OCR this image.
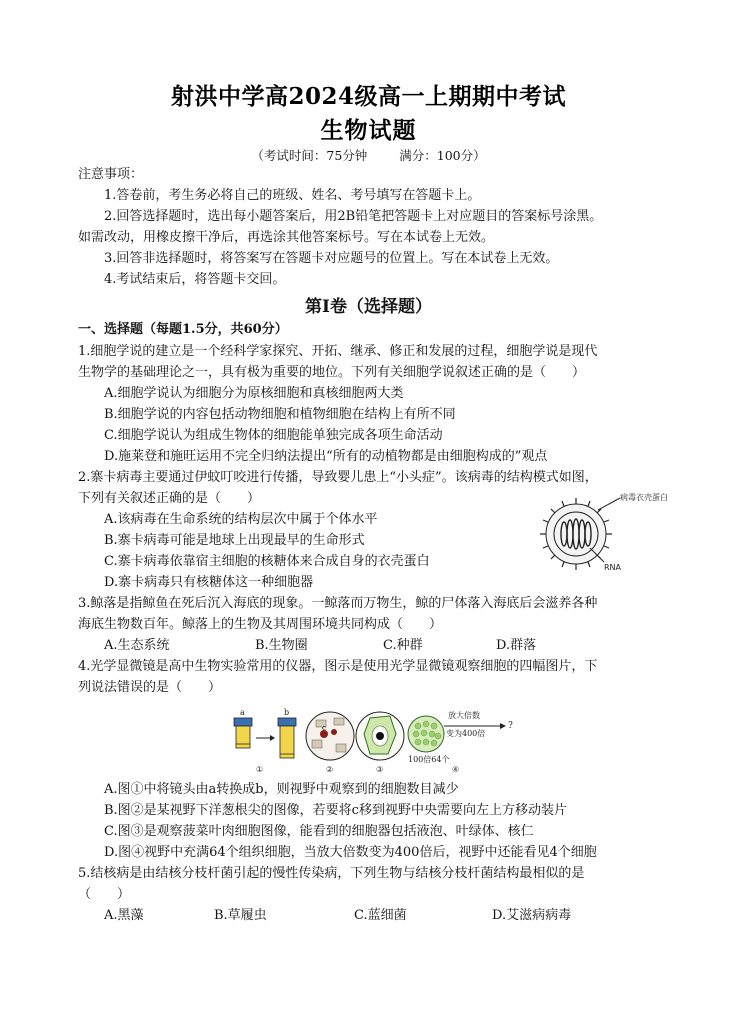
射洪中学高2024级高一上期期中考试
生物试题
（考试时间：75分钟	满分：100分）
注意事项：
1.答卷前，考生务必将自己的班级、姓名、考号填写在答题卡上。
2.回答选择题时，选出每小题答案后，用2B铅笔把答题卡上对应题目的答案标号涂黑。
如需改动，用橡皮擦干净后，再选涂其他答案标号。写在本试卷上无效。
3.回答非选择题时，将答案写在答题卡对应题号的位置上。写在本试卷上无效。
4.考试结束后，将答题卡交回。
第Ⅰ卷（选择题）
一、选择题（每题1.5分，共60分）
1.细胞学说的建立是一个经科学家探究、开拓、继承、修正和发展的过程，细胞学说是现代
生物学的基础理论之一，具有极为重要的地位。下列有关细胞学说叙述正确的是（　　）
A.细胞学说认为细胞分为原核细胞和真核细胞两大类
B.细胞学说的内容包括动物细胞和植物细胞在结构上有所不同
C.细胞学说认为组成生物体的细胞能单独完成各项生命活动
D.施莱登和施旺运用不完全归纳法提出“所有的动植物都是由细胞构成的”观点
2.寨卡病毒主要通过伊蚊叮咬进行传播，导致婴儿患上“小头症”。该病毒的结构模式如图，
下列有关叙述正确的是（　　）
A.该病毒在生命系统的结构层次中属于个体水平
B.寨卡病毒可能是地球上出现最早的生命形式
C.寨卡病毒依靠宿主细胞的核糖体来合成自身的衣壳蛋白
D.寨卡病毒只有核糖体这一种细胞器
病毒衣壳蛋白
RNA
3.鲸落是指鲸鱼在死后沉入海底的现象。一鲸落而万物生，鲸的尸体落入海底后会滋养各种
海底生物数百年。鲸落上的生物及其周围环境共同构成（　　）
A.生态系统	B.生物圈	C.种群	D.群落
4.光学显微镜是高中生物实验常用的仪器，图示是使用光学显微镜观察细胞的四幅图片，下
列说法错误的是（　　）
a	b
c
放大倍数
变为400倍
?
100倍64个
①	②	③	④
A.图①中将镜头由a转换成b，则视野中观察到的细胞数目减少
B.图②是某视野下洋葱根尖的图像，若要将c移到视野中央需要向左上方移动装片
C.图③是观察菠菜叶肉细胞图像，能看到的细胞器包括液泡、叶绿体、核仁
D.图④视野中充满64个组织细胞，当放大倍数变为400倍后，视野中还能看见4个细胞
5.结核病是由结核分枝杆菌引起的慢性传染病，下列生物与结核分枝杆菌结构最相似的是
（　　）
A.黑藻	B.草履虫	C.蓝细菌	D.艾滋病病毒
